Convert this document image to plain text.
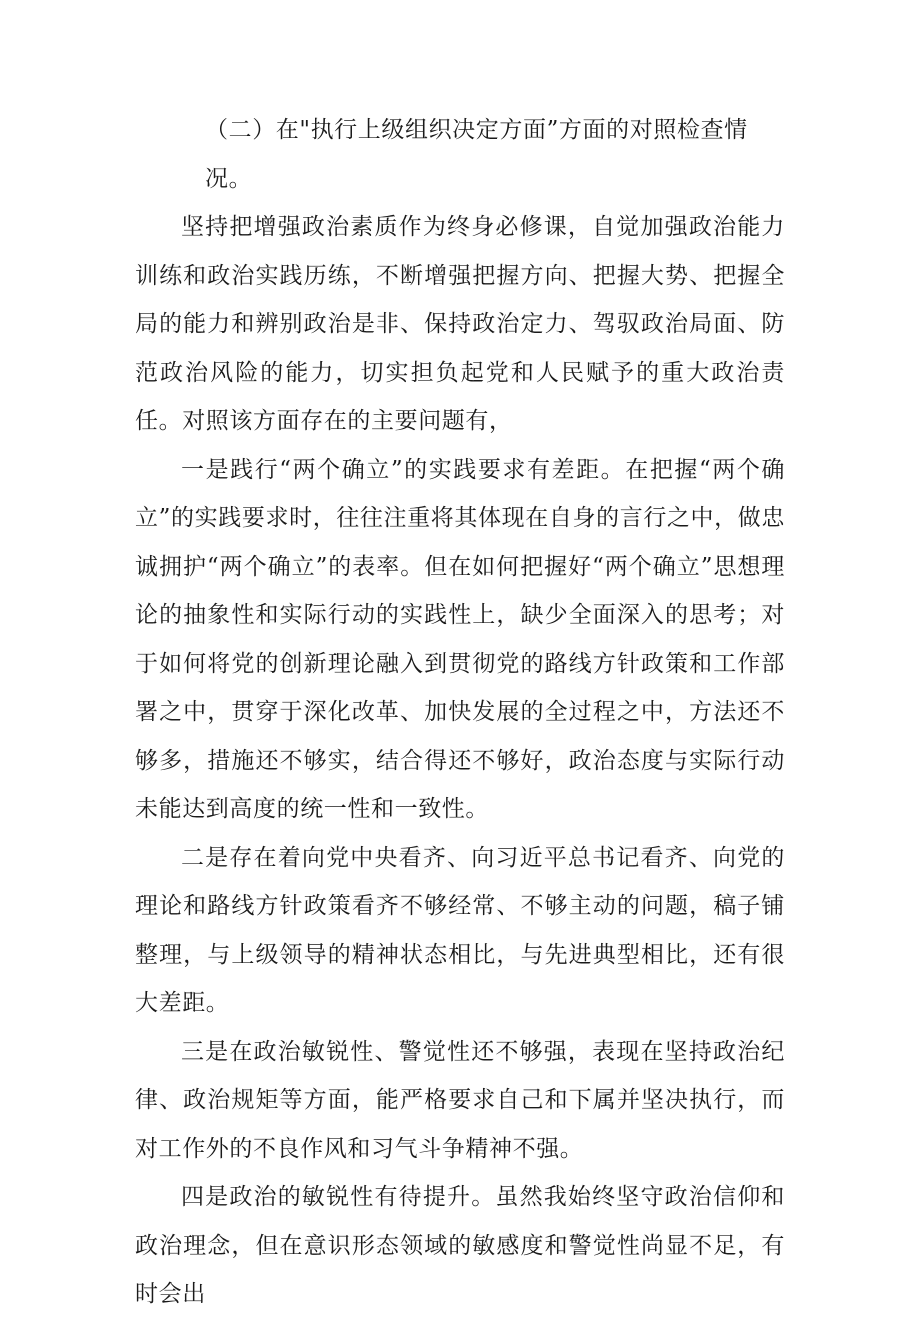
（二）在"执行上级组织决定方面”方面的对照检查情况。

坚持把增强政治素质作为终身必修课，自觉加强政治能力训练和政治实践历练，不断增强把握方向、把握大势、把握全局的能力和辨别政治是非、保持政治定力、驾驭政治局面、防范政治风险的能力，切实担负起党和人民赋予的重大政治责任。对照该方面存在的主要问题有，

一是践行“两个确立”的实践要求有差距。在把握“两个确立”的实践要求时，往往注重将其体现在自身的言行之中，做忠诚拥护“两个确立”的表率。但在如何把握好“两个确立”思想理论的抽象性和实际行动的实践性上，缺少全面深入的思考；对于如何将党的创新理论融入到贯彻党的路线方针政策和工作部署之中，贯穿于深化改革、加快发展的全过程之中，方法还不够多，措施还不够实，结合得还不够好，政治态度与实际行动未能达到高度的统一性和一致性。

二是存在着向党中央看齐、向习近平总书记看齐、向党的理论和路线方针政策看齐不够经常、不够主动的问题，稿子铺整理，与上级领导的精神状态相比，与先进典型相比，还有很大差距。

三是在政治敏锐性、警觉性还不够强，表现在坚持政治纪律、政治规矩等方面，能严格要求自己和下属并坚决执行，而对工作外的不良作风和习气斗争精神不强。

四是政治的敏锐性有待提升。虽然我始终坚守政治信仰和政治理念，但在意识形态领域的敏感度和警觉性尚显不足，有时会出
